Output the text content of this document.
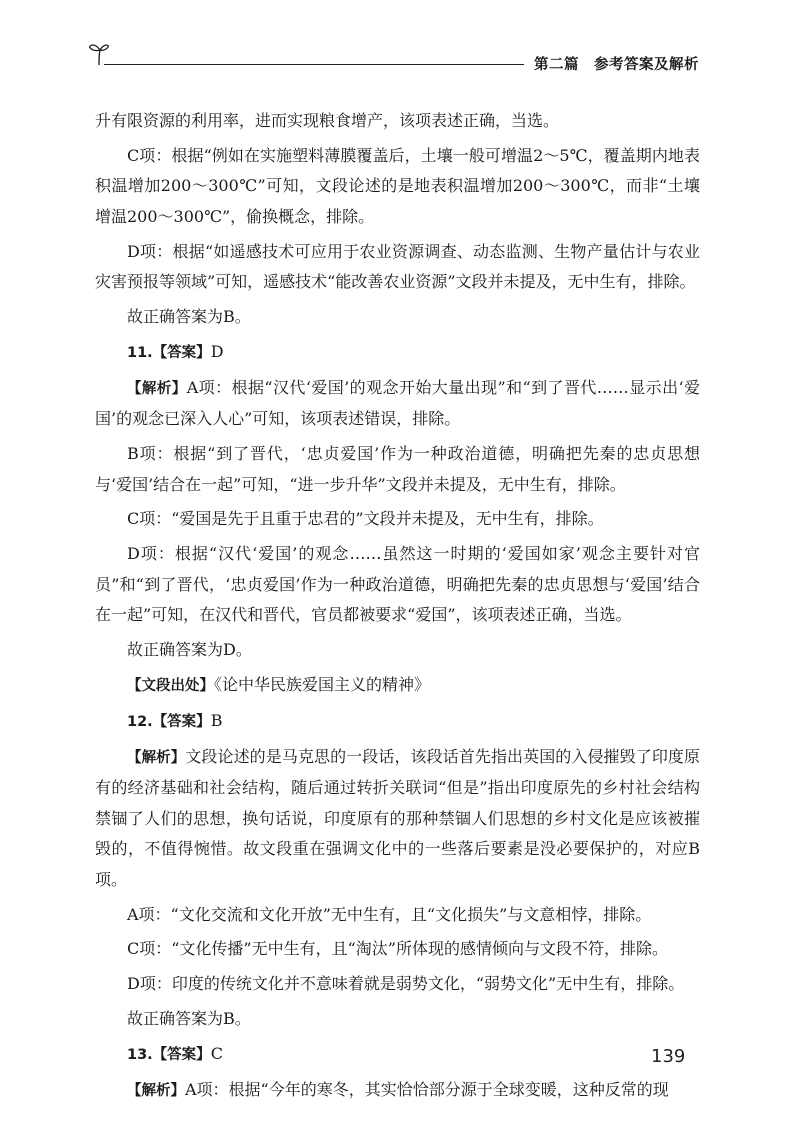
第二篇　参考答案及解析

升有限资源的利用率，进而实现粮食增产，该项表述正确，当选。

C项：根据“例如在实施塑料薄膜覆盖后，土壤一般可增温2～5℃，覆盖期内地表积温增加200～300℃”可知，文段论述的是地表积温增加200～300℃，而非“土壤增温200～300℃”，偷换概念，排除。

D项：根据“如遥感技术可应用于农业资源调查、动态监测、生物产量估计与农业灾害预报等领域”可知，遥感技术“能改善农业资源”文段并未提及，无中生有，排除。

故正确答案为B。

11.【答案】D

【解析】A项：根据“汉代‘爱国’的观念开始大量出现”和“到了晋代……显示出‘爱国’的观念已深入人心”可知，该项表述错误，排除。

B项：根据“到了晋代，‘忠贞爱国’作为一种政治道德，明确把先秦的忠贞思想与‘爱国’结合在一起”可知，“进一步升华”文段并未提及，无中生有，排除。

C项：“爱国是先于且重于忠君的”文段并未提及，无中生有，排除。

D项：根据“汉代‘爱国’的观念……虽然这一时期的‘爱国如家’观念主要针对官员”和“到了晋代，‘忠贞爱国’作为一种政治道德，明确把先秦的忠贞思想与‘爱国’结合在一起”可知，在汉代和晋代，官员都被要求“爱国”，该项表述正确，当选。

故正确答案为D。

【文段出处】《论中华民族爱国主义的精神》

12.【答案】B

【解析】文段论述的是马克思的一段话，该段话首先指出英国的入侵摧毁了印度原有的经济基础和社会结构，随后通过转折关联词“但是”指出印度原先的乡村社会结构禁锢了人们的思想，换句话说，印度原有的那种禁锢人们思想的乡村文化是应该被摧毁的，不值得惋惜。故文段重在强调文化中的一些落后要素是没必要保护的，对应B项。

A项：“文化交流和文化开放”无中生有，且“文化损失”与文意相悖，排除。

C项：“文化传播”无中生有，且“淘汰”所体现的感情倾向与文段不符，排除。

D项：印度的传统文化并不意味着就是弱势文化，“弱势文化”无中生有，排除。

故正确答案为B。

13.【答案】C

【解析】A项：根据“今年的寒冬，其实恰恰部分源于全球变暖，这种反常的现

139
